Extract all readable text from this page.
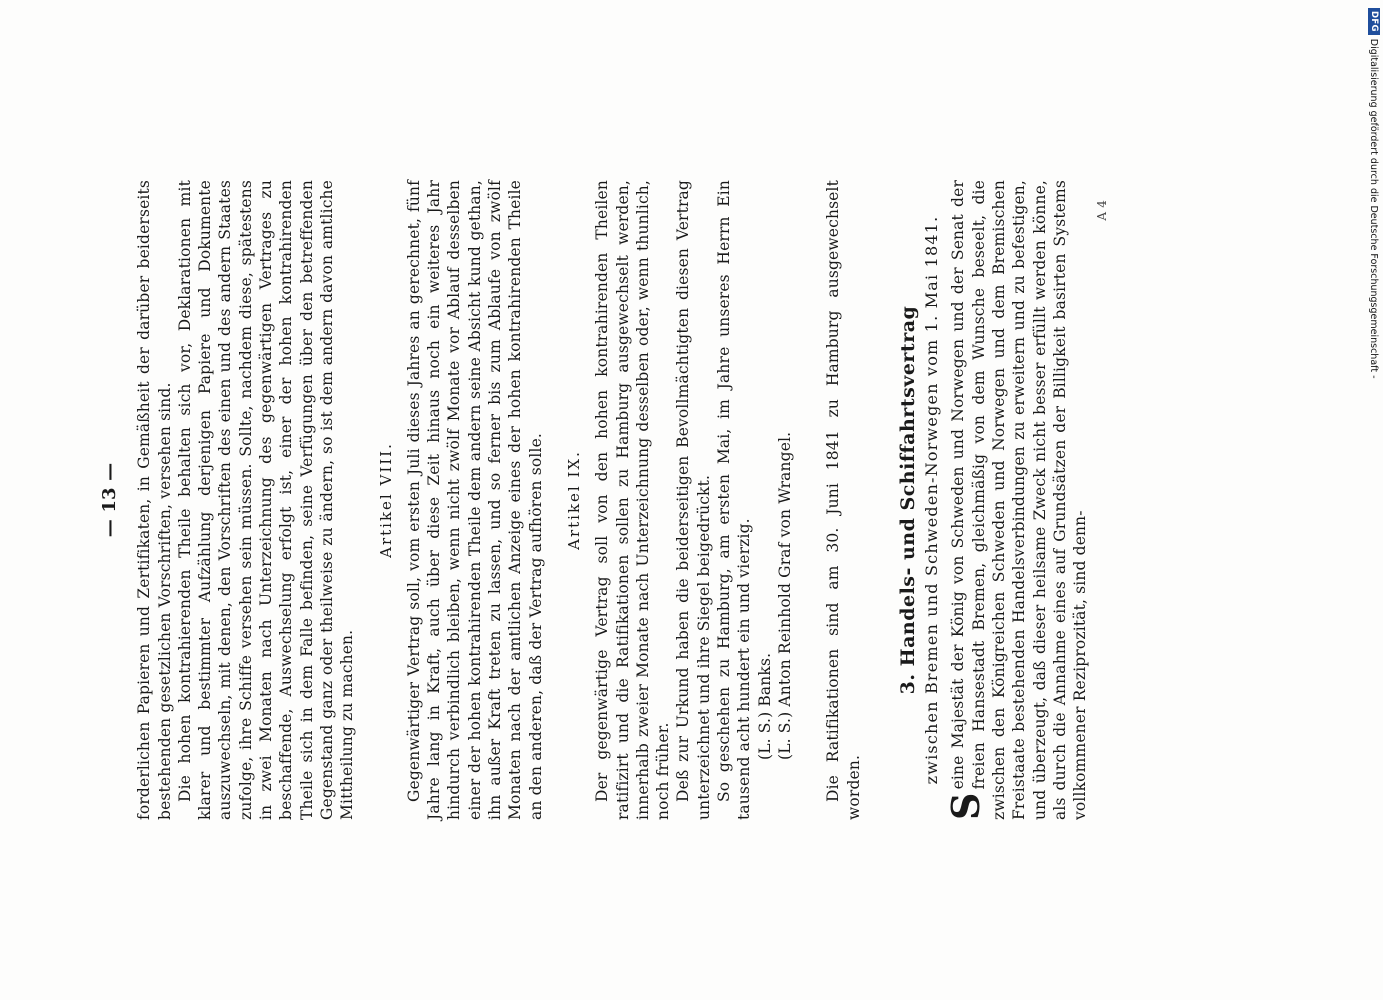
— 13 — forderlichen Papieren und Zertifikaten, in Gemäßheit der darüber beiderseits bestehenden gesetzlichen Vorschriften, versehen sind. Die hohen kontrahierenden Theile behalten sich vor, Deklarationen mit klarer und bestimmter Aufzählung derjenigen Papiere und Dokumente auszuwechseln, mit denen, den Vorschriften des einen und des andern Staates zufolge, ihre Schiffe versehen sein müssen. Sollte, nachdem diese, spätestens in zwei Monaten nach Unterzeichnung des gegenwärtigen Vertrages zu beschaffende, Auswechselung erfolgt ist, einer der hohen kontrahirenden Theile sich in dem Falle befinden, seine Verfügungen über den betreffenden Gegenstand ganz oder theilweise zu ändern, so ist dem andern davon amtliche Mittheilung zu machen.

Artikel VIII. Gegenwärtiger Vertrag soll, vom ersten Juli dieses Jahres an gerechnet, fünf Jahre lang in Kraft, auch über diese Zeit hinaus noch ein weiteres Jahr hindurch verbindlich bleiben, wenn nicht zwölf Monate vor Ablauf desselben einer der hohen kontrahirenden Theile dem andern seine Absicht kund gethan, ihn außer Kraft treten zu lassen, und so ferner bis zum Ablaufe von zwölf Monaten nach der amtlichen Anzeige eines der hohen kontrahirenden Theile an den anderen, daß der Vertrag aufhören solle. Artikel IX. Der gegenwärtige Vertrag soll von den hohen kontrahirenden Theilen ratifizirt und die Ratifikationen sollen zu Hamburg ausgewechselt werden, innerhalb zweier Monate nach Unterzeichnung desselben oder, wenn thunlich, noch früher. Deß zur Urkund haben die beiderseitigen Bevollmächtigten diesen Vertrag unterzeichnet und ihre Siegel beigedrückt. So geschehen zu Hamburg, am ersten Mai, im Jahre unseres Herrn Ein tausend acht hundert ein und vierzig. (L. S.) Banks. (L. S.) Anton Reinhold Graf von Wrangel. Die Ratifikationen sind am 30. Juni 1841 zu Hamburg ausgewechselt worden.

3. Handels- und Schiffahrtsvertrag zwischen Bremen und Schweden-Norwegen vom 1. Mai 1841.

S
eine Majestät der König von Schweden und Norwegen und der Senat der freien Hansestadt Bremen, gleichmäßig von dem Wunsche beseelt, die zwischen den Königreichen Schweden und Norwegen und dem Bremischen Freistaate bestehenden Handelsverbindungen zu erweitern und zu befestigen, und überzeugt, daß dieser heilsame Zweck nicht besser erfüllt werden könne, als durch die Annahme eines auf Grundsätzen der Billigkeit basirten Systems vollkommener Reziprozität, sind denn-

A 4
DFG
Digitalisierung gefördert durch die Deutsche Forschungsgemeinschaft -
